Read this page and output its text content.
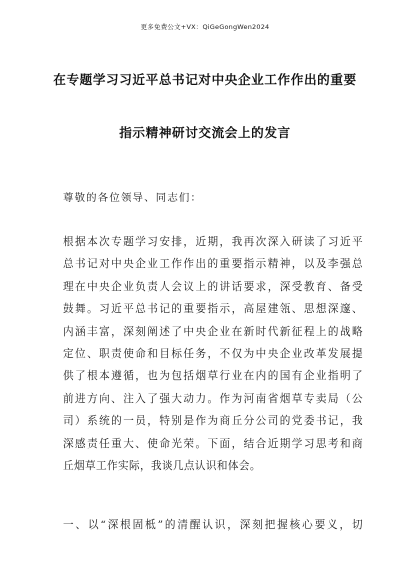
更多免费公文+VX：QiGeGongWen2024
在专题学习习近平总书记对中央企业工作作出的重要
指示精神研讨交流会上的发言
尊敬的各位领导、同志们：
根据本次专题学习安排，近期，我再次深入研读了习近平
总书记对中央企业工作作出的重要指示精神，以及李强总
理在中央企业负责人会议上的讲话要求，深受教育、备受
鼓舞。习近平总书记的重要指示，高屋建瓴、思想深邃、
内涵丰富，深刻阐述了中央企业在新时代新征程上的战略
定位、职责使命和目标任务，不仅为中央企业改革发展提
供了根本遵循，也为包括烟草行业在内的国有企业指明了
前进方向、注入了强大动力。作为河南省烟草专卖局（公
司）系统的一员，特别是作为商丘分公司的党委书记，我
深感责任重大、使命光荣。下面，结合近期学习思考和商
丘烟草工作实际，我谈几点认识和体会。
一、以“深根固柢”的清醒认识，深刻把握核心要义，切
